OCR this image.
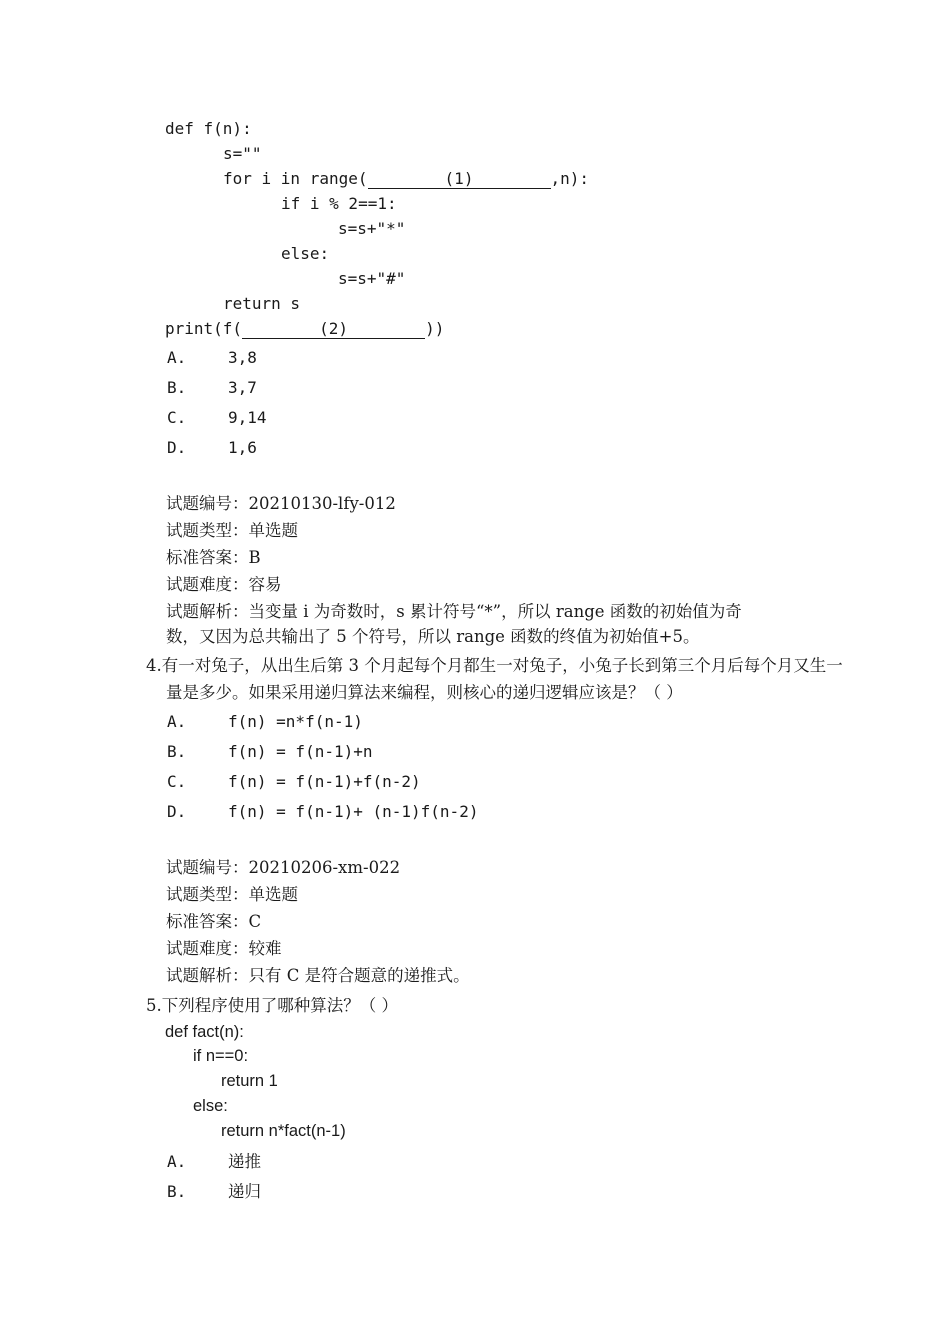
def f(n):
s=""
for i in range(	(1)	,n):
if i % 2==1:
s=s+"*"
else:
s=s+"#"
return s
print(f(	(2)	))
A.	3,8
B.	3,7
C.	9,14
D.	1,6
试题编号：20210130-lfy-012
试题类型：单选题
标准答案：B
试题难度：容易
试题解析：当变量 i 为奇数时，s 累计符号“*”，所以 range 函数的初始值为奇
数，又因为总共输出了 5 个符号，所以 range 函数的终值为初始值+5。
4.有一对兔子，从出生后第 3 个月起每个月都生一对兔子，小兔子长到第三个月后每个月又生一
量是多少。如果采用递归算法来编程，则核心的递归逻辑应该是？（ ）
A.	f(n) =n*f(n-1)
B.	f(n) = f(n-1)+n
C.	f(n) = f(n-1)+f(n-2)
D.	f(n) = f(n-1)+ (n-1)f(n-2)
试题编号：20210206-xm-022
试题类型：单选题
标准答案：C
试题难度：较难
试题解析：只有 C 是符合题意的递推式。
5.下列程序使用了哪种算法？（ ）
def fact(n):
if n==0:
return 1
else:
return n*fact(n-1)
A.	递推
B.	递归
